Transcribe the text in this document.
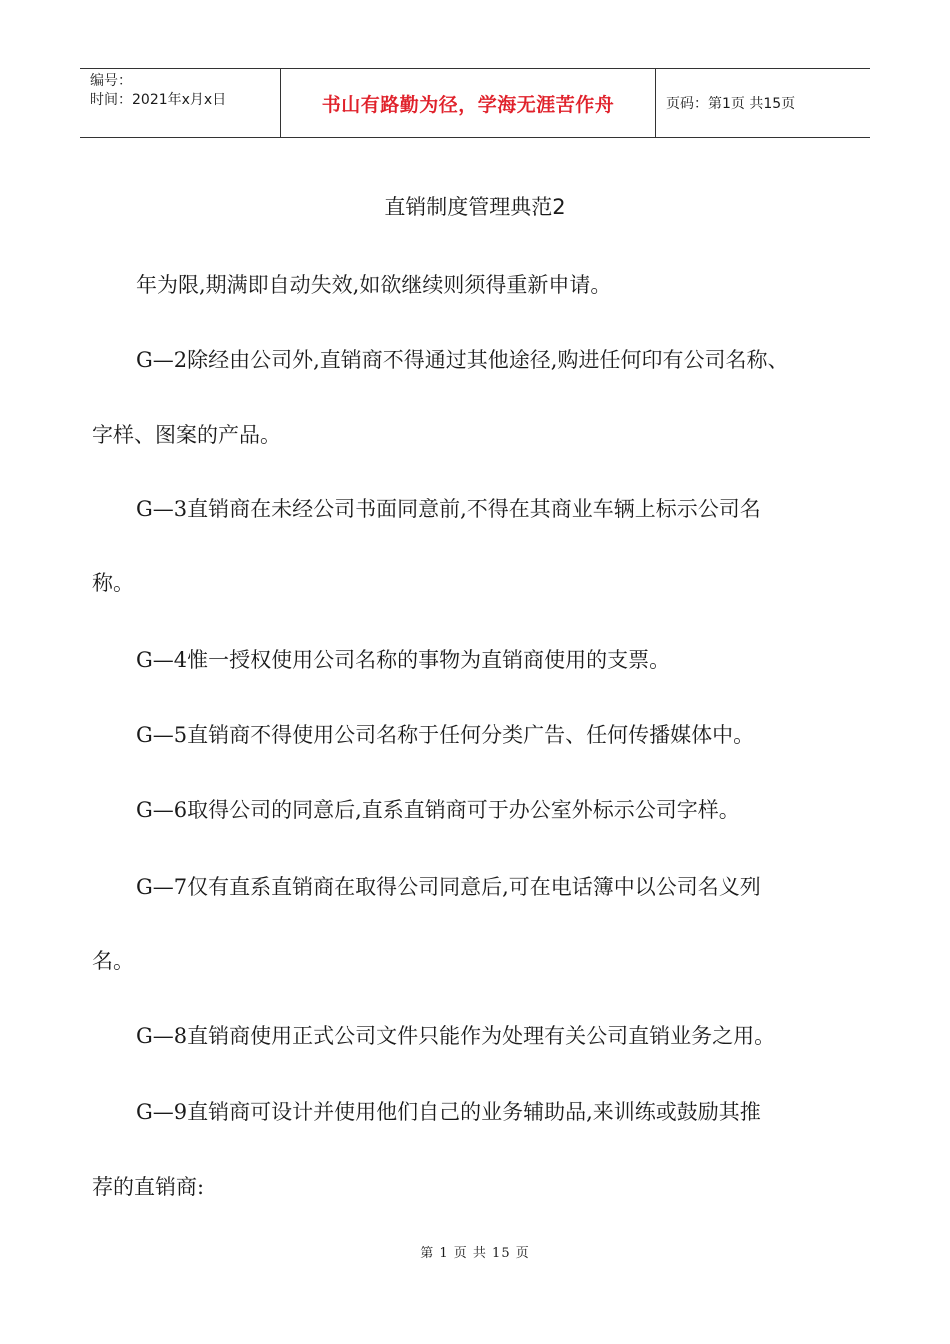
编号：
时间：2021年x月x日	书山有路勤为径，学海无涯苦作舟	页码：第1页 共15页
直销制度管理典范2
年为限,期满即自动失效,如欲继续则须得重新申请。
G—2除经由公司外,直销商不得通过其他途径,购进任何印有公司名称、
字样、图案的产品。
G—3直销商在未经公司书面同意前,不得在其商业车辆上标示公司名
称。
G—4惟一授权使用公司名称的事物为直销商使用的支票。
G—5直销商不得使用公司名称于任何分类广告、任何传播媒体中。
G—6取得公司的同意后,直系直销商可于办公室外标示公司字样。
G—7仅有直系直销商在取得公司同意后,可在电话簿中以公司名义列
名。
G—8直销商使用正式公司文件只能作为处理有关公司直销业务之用。
G—9直销商可设计并使用他们自己的业务辅助品,来训练或鼓励其推
荐的直销商:
第 1 页 共 15 页
